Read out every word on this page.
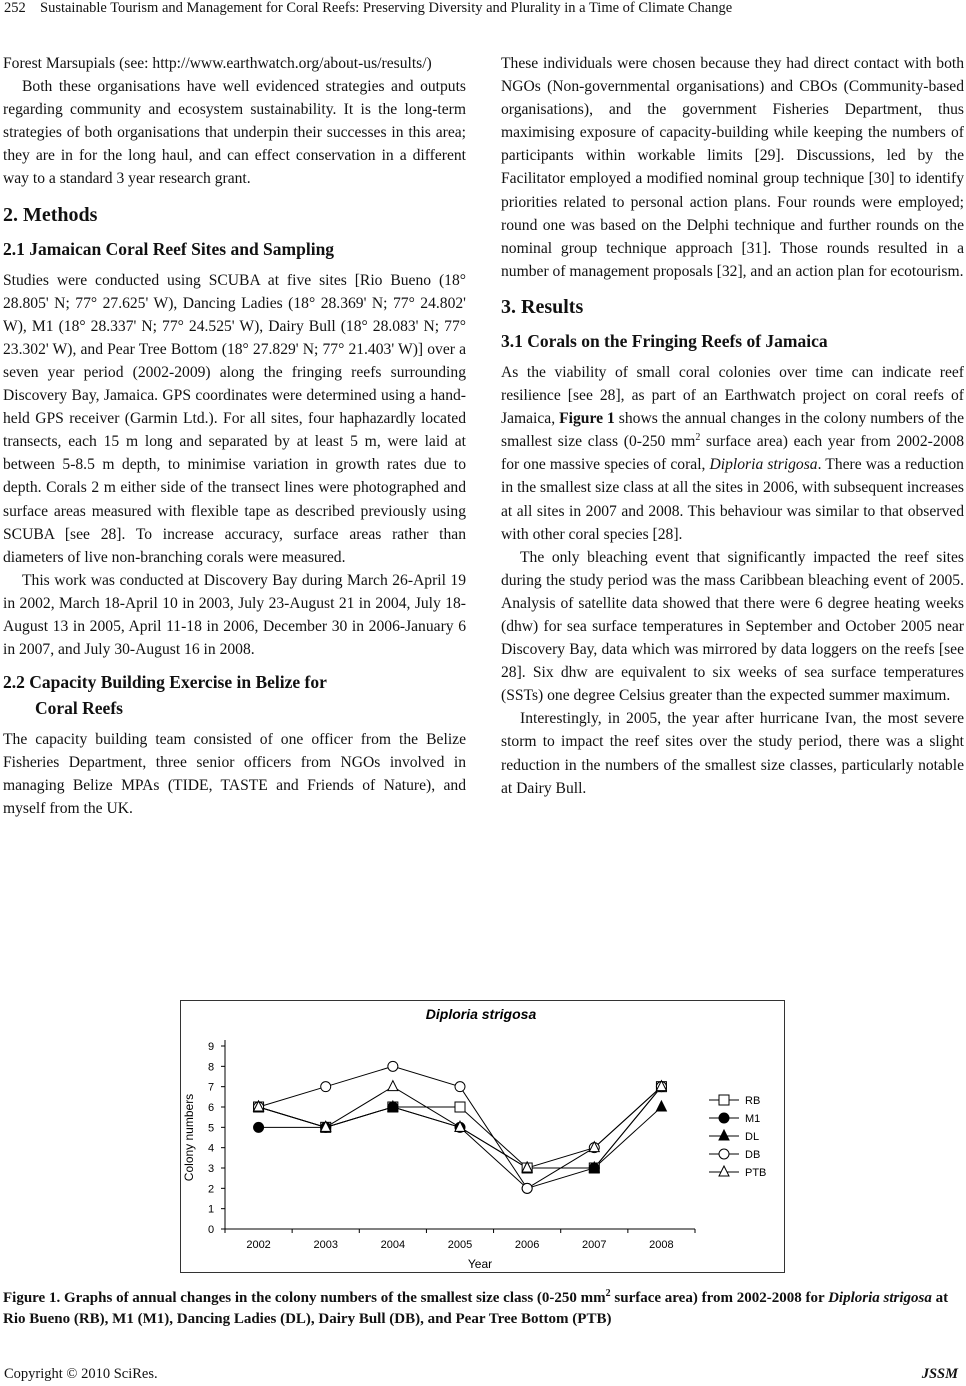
252 Sustainable Tourism and Management for Coral Reefs: Preserving Diversity and Plurality in a Time of Climate Change

Forest Marsupials (see: http://www.earthwatch.org/about-us/results/)

Both these organisations have well evidenced strategies and outputs regarding community and ecosystem sustainability. It is the long-term strategies of both organisations that underpin their successes in this area; they are in for the long haul, and can effect conservation in a different way to a standard 3 year research grant.

2. Methods
2.1 Jamaican Coral Reef Sites and Sampling

Studies were conducted using SCUBA at five sites [Rio Bueno (18° 28.805' N; 77° 27.625' W), Dancing Ladies (18° 28.369' N; 77° 24.802' W), M1 (18° 28.337' N; 77° 24.525' W), Dairy Bull (18° 28.083' N; 77° 23.302' W), and Pear Tree Bottom (18° 27.829' N; 77° 21.403' W)] over a seven year period (2002-2009) along the fringing reefs surrounding Discovery Bay, Jamaica. GPS coordinates were determined using a hand-held GPS receiver (Garmin Ltd.). For all sites, four haphazardly located transects, each 15 m long and separated by at least 5 m, were laid at between 5-8.5 m depth, to minimise variation in growth rates due to depth. Corals 2 m either side of the transect lines were photographed and surface areas measured with flexible tape as described previously using SCUBA [see 28]. To increase accuracy, surface areas rather than diameters of live non-branching corals were measured.

This work was conducted at Discovery Bay during March 26-April 19 in 2002, March 18-April 10 in 2003, July 23-August 21 in 2004, July 18-August 13 in 2005, April 11-18 in 2006, December 30 in 2006-January 6 in 2007, and July 30-August 16 in 2008.

2.2 Capacity Building Exercise in Belize for
Coral Reefs

The capacity building team consisted of one officer from the Belize Fisheries Department, three senior officers from NGOs involved in managing Belize MPAs (TIDE, TASTE and Friends of Nature), and myself from the UK.

These individuals were chosen because they had direct contact with both NGOs (Non-governmental organisations) and CBOs (Community-based organisations), and the government Fisheries Department, thus maximising exposure of capacity-building while keeping the numbers of participants within workable limits [29]. Discussions, led by the Facilitator employed a modified nominal group technique [30] to identify priorities related to personal action plans. Four rounds were employed; round one was based on the Delphi technique and further rounds on the nominal group technique approach [31]. Those rounds resulted in a number of management proposals [32], and an action plan for ecotourism.

3. Results
3.1 Corals on the Fringing Reefs of Jamaica

As the viability of small coral colonies over time can indicate reef resilience [see 28], as part of an Earthwatch project on coral reefs of Jamaica, Figure 1 shows the annual changes in the colony numbers of the smallest size class (0-250 $mm^2$ surface area) each year from 2002-2008 for one massive species of coral, Diploria strigosa. There was a reduction in the smallest size class at all the sites in 2006, with subsequent increases at all sites in 2007 and 2008. This behaviour was similar to that observed with other coral species [28].

The only bleaching event that significantly impacted the reef sites during the study period was the mass Caribbean bleaching event of 2005. Analysis of satellite data showed that there were 6 degree heating weeks (dhw) for sea surface temperatures in September and October 2005 near Discovery Bay, data which was mirrored by data loggers on the reefs [see 28]. Six dhw are equivalent to six weeks of sea surface temperatures (SSTs) one degree Celsius greater than the expected summer maximum.

Interestingly, in 2005, the year after hurricane Ivan, the most severe storm to impact the reef sites over the study period, there was a slight reduction in the numbers of the smallest size classes, particularly notable at Dairy Bull.

Diploria strigosa
0
1
2
3
4
5
6
7
8
9
2002	2003	2004	2005	2006	2007	2008
Year
Colony numbers	RB
M1
DL
DB
PTB
Figure 1. Graphs of annual changes in the colony numbers of the smallest size class (0-250 $mm^2$ surface area) from 2002-2008 for Diploria strigosa at Rio Bueno (RB), M1 (M1), Dancing Ladies (DL), Dairy Bull (DB), and Pear Tree Bottom (PTB)
Copyright © 2010 SciRes.	JSSM
